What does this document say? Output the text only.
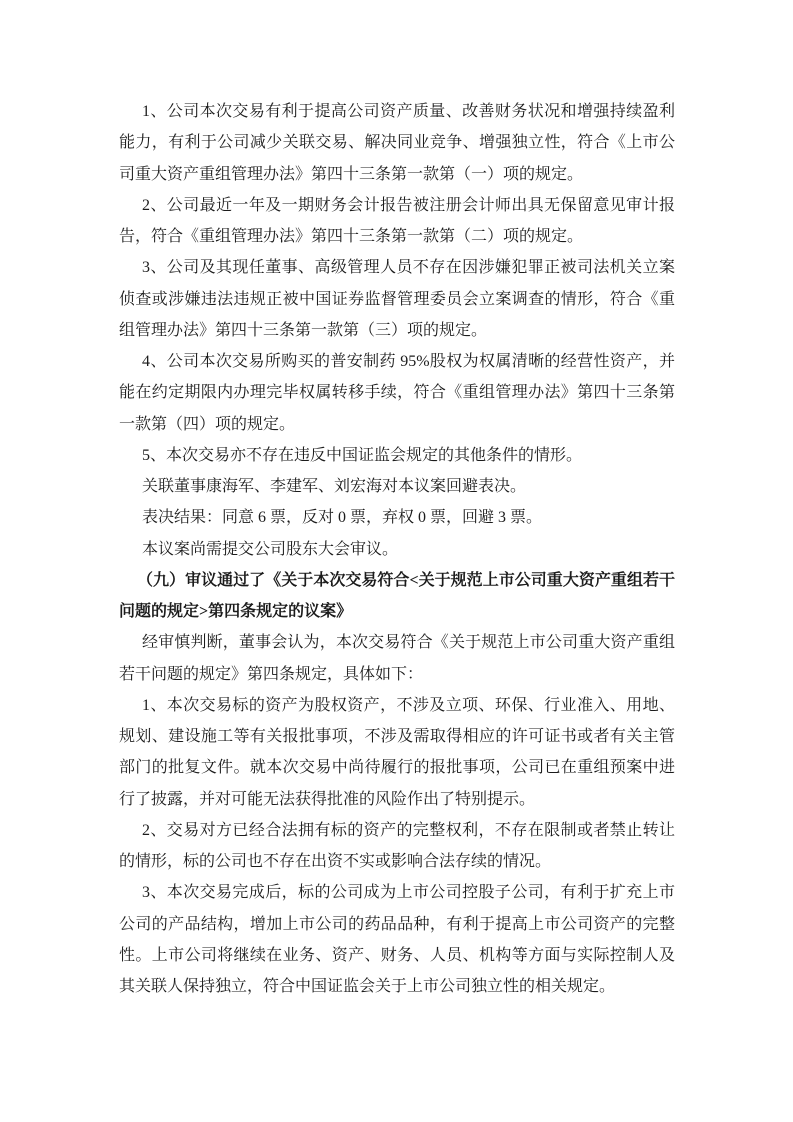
1、公司本次交易有利于提高公司资产质量、改善财务状况和增强持续盈利能力，有利于公司减少关联交易、解决同业竞争、增强独立性，符合《上市公司重大资产重组管理办法》第四十三条第一款第（一）项的规定。

2、公司最近一年及一期财务会计报告被注册会计师出具无保留意见审计报告，符合《重组管理办法》第四十三条第一款第（二）项的规定。

3、公司及其现任董事、高级管理人员不存在因涉嫌犯罪正被司法机关立案侦查或涉嫌违法违规正被中国证券监督管理委员会立案调查的情形，符合《重组管理办法》第四十三条第一款第（三）项的规定。

4、公司本次交易所购买的普安制药 95%股权为权属清晰的经营性资产，并能在约定期限内办理完毕权属转移手续，符合《重组管理办法》第四十三条第一款第（四）项的规定。

5、本次交易亦不存在违反中国证监会规定的其他条件的情形。

关联董事康海军、李建军、刘宏海对本议案回避表决。

表决结果：同意 6 票，反对 0 票，弃权 0 票，回避 3 票。

本议案尚需提交公司股东大会审议。

（九）审议通过了《关于本次交易符合<关于规范上市公司重大资产重组若干问题的规定>第四条规定的议案》

经审慎判断，董事会认为，本次交易符合《关于规范上市公司重大资产重组若干问题的规定》第四条规定，具体如下：

1、本次交易标的资产为股权资产，不涉及立项、环保、行业准入、用地、规划、建设施工等有关报批事项，不涉及需取得相应的许可证书或者有关主管部门的批复文件。就本次交易中尚待履行的报批事项，公司已在重组预案中进行了披露，并对可能无法获得批准的风险作出了特别提示。

2、交易对方已经合法拥有标的资产的完整权利，不存在限制或者禁止转让的情形，标的公司也不存在出资不实或影响合法存续的情况。

3、本次交易完成后，标的公司成为上市公司控股子公司，有利于扩充上市公司的产品结构，增加上市公司的药品品种，有利于提高上市公司资产的完整性。上市公司将继续在业务、资产、财务、人员、机构等方面与实际控制人及其关联人保持独立，符合中国证监会关于上市公司独立性的相关规定。
